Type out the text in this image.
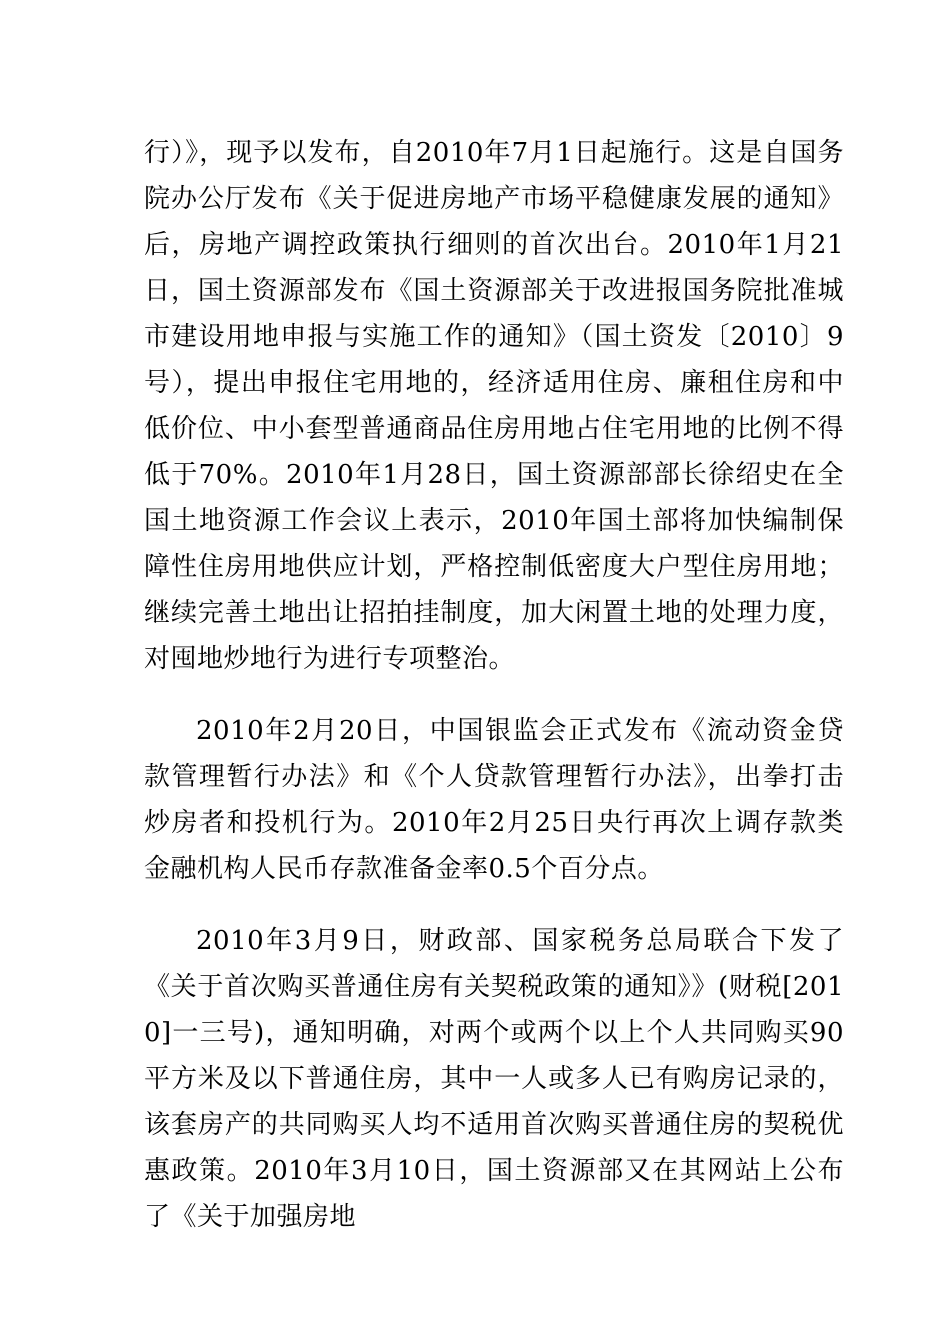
行）》，现予以发布，自2010年7月1日起施行。这是自国务院办公厅发布《关于促进房地产市场平稳健康发展的通知》后，房地产调控政策执行细则的首次出台。2010年1月21日，国土资源部发布《国土资源部关于改进报国务院批准城市建设用地申报与实施工作的通知》（国土资发〔2010〕9号），提出申报住宅用地的，经济适用住房、廉租住房和中低价位、中小套型普通商品住房用地占住宅用地的比例不得低于70%。2010年1月28日，国土资源部部长徐绍史在全国土地资源工作会议上表示，2010年国土部将加快编制保障性住房用地供应计划，严格控制低密度大户型住房用地；继续完善土地出让招拍挂制度，加大闲置土地的处理力度，对囤地炒地行为进行专项整治。

2010年2月20日，中国银监会正式发布《流动资金贷款管理暂行办法》和《个人贷款管理暂行办法》，出拳打击炒房者和投机行为。2010年2月25日央行再次上调存款类金融机构人民币存款准备金率0.5个百分点。

2010年3月9日，财政部、国家税务总局联合下发了《关于首次购买普通住房有关契税政策的通知》》(财税[2010]一三号)，通知明确，对两个或两个以上个人共同购买90平方米及以下普通住房，其中一人或多人已有购房记录的，该套房产的共同购买人均不适用首次购买普通住房的契税优惠政策。2010年3月10日，国土资源部又在其网站上公布了《关于加强房地
